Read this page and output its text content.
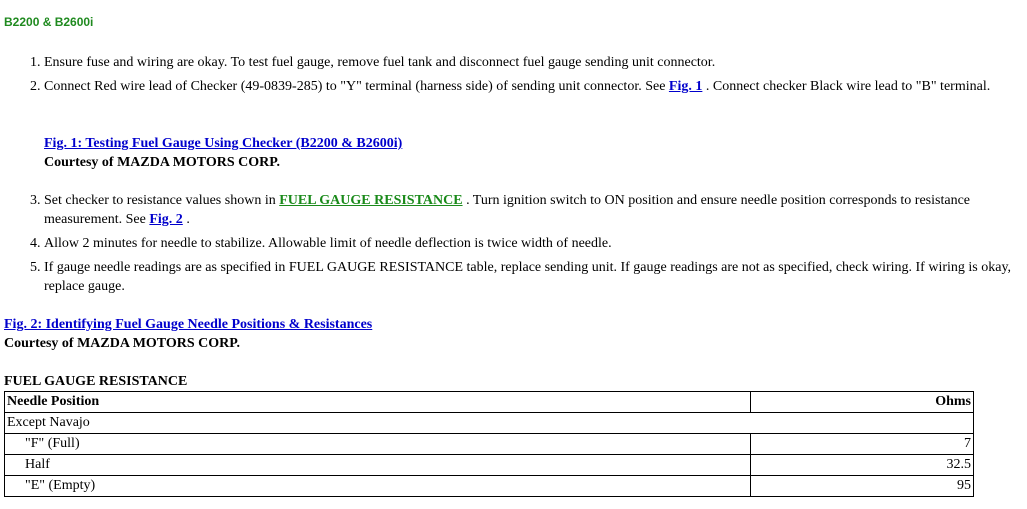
B2200 & B2600i
1. Ensure fuse and wiring are okay. To test fuel gauge, remove fuel tank and disconnect fuel gauge sending unit connector.
2. Connect Red wire lead of Checker (49-0839-285) to "Y" terminal (harness side) of sending unit connector. See Fig. 1 . Connect checker Black wire lead to "B" terminal.
Fig. 1: Testing Fuel Gauge Using Checker (B2200 & B2600i)
Courtesy of MAZDA MOTORS CORP.
3. Set checker to resistance values shown in FUEL GAUGE RESISTANCE . Turn ignition switch to ON position and ensure needle position corresponds to resistance measurement. See Fig. 2 .
4. Allow 2 minutes for needle to stabilize. Allowable limit of needle deflection is twice width of needle.
5. If gauge needle readings are as specified in FUEL GAUGE RESISTANCE table, replace sending unit. If gauge readings are not as specified, check wiring. If wiring is okay, replace gauge.
Fig. 2: Identifying Fuel Gauge Needle Positions & Resistances
Courtesy of MAZDA MOTORS CORP.
FUEL GAUGE RESISTANCE
Needle Position	Ohms
Except Navajo	
"F" (Full)	7
Half	32.5
"E" (Empty)	95
